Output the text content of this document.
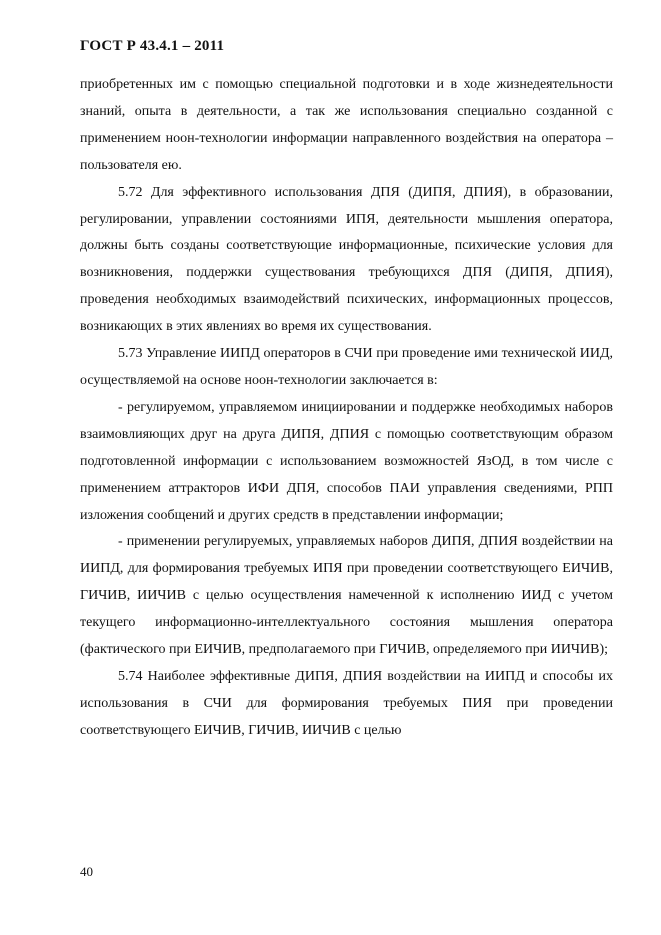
ГОСТ Р 43.4.1 – 2011

приобретенных им с помощью специальной подготовки и в ходе жизнедеятельности знаний, опыта в деятельности, а так же использования специально созданной с применением ноон-технологии информации направленного воздействия на оператора – пользователя ею.

5.72 Для эффективного использования ДПЯ (ДИПЯ, ДПИЯ), в образовании, регулировании, управлении состояниями ИПЯ, деятельности мышления оператора, должны быть созданы соответствующие информационные, психические условия для возникновения, поддержки существования требующихся ДПЯ (ДИПЯ, ДПИЯ), проведения необходимых взаимодействий психических, информационных процессов, возникающих в этих явлениях во время их существования.

5.73 Управление ИИПД операторов в СЧИ при проведение ими технической ИИД, осуществляемой на основе ноон-технологии заключается в:

- регулируемом, управляемом инициировании и поддержке необходимых наборов взаимовлияющих друг на друга ДИПЯ, ДПИЯ с помощью соответствующим образом подготовленной информации с использованием возможностей ЯзОД, в том числе с применением аттракторов ИФИ ДПЯ, способов ПАИ управления сведениями, РПП изложения сообщений и других средств в представлении информации;

- применении регулируемых, управляемых наборов ДИПЯ, ДПИЯ воздействии на ИИПД, для формирования требуемых ИПЯ при проведении соответствующего ЕИЧИВ, ГИЧИВ, ИИЧИВ с целью осуществления намеченной к исполнению ИИД с учетом текущего информационно-интеллектуального состояния мышления оператора (фактического при ЕИЧИВ, предполагаемого при ГИЧИВ, определяемого при ИИЧИВ);

5.74 Наиболее эффективные ДИПЯ, ДПИЯ воздействии на ИИПД и способы их использования в СЧИ для формирования требуемых ПИЯ при проведении соответствующего ЕИЧИВ, ГИЧИВ, ИИЧИВ с целью

40
